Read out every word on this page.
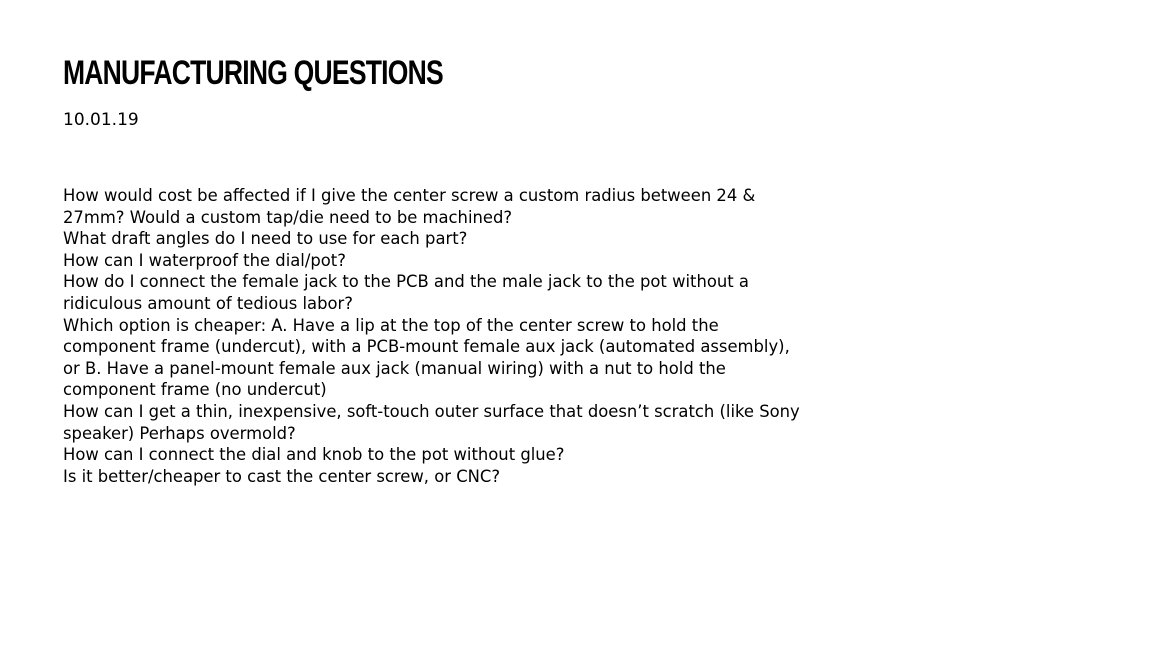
MANUFACTURING QUESTIONS

10.01.19

How would cost be affected if I give the center screw a custom radius between 24 & 27mm? Would a custom tap/die need to be machined?
What draft angles do I need to use for each part?
How can I waterproof the dial/pot?
How do I connect the female jack to the PCB and the male jack to the pot without a ridiculous amount of tedious labor?
Which option is cheaper: A. Have a lip at the top of the center screw to hold the component frame (undercut), with a PCB-mount female aux jack (automated assembly), or B. Have a panel-mount female aux jack (manual wiring) with a nut to hold the component frame (no undercut)
How can I get a thin, inexpensive, soft-touch outer surface that doesn’t scratch (like Sony speaker) Perhaps overmold?
How can I connect the dial and knob to the pot without glue?
Is it better/cheaper to cast the center screw, or CNC?
